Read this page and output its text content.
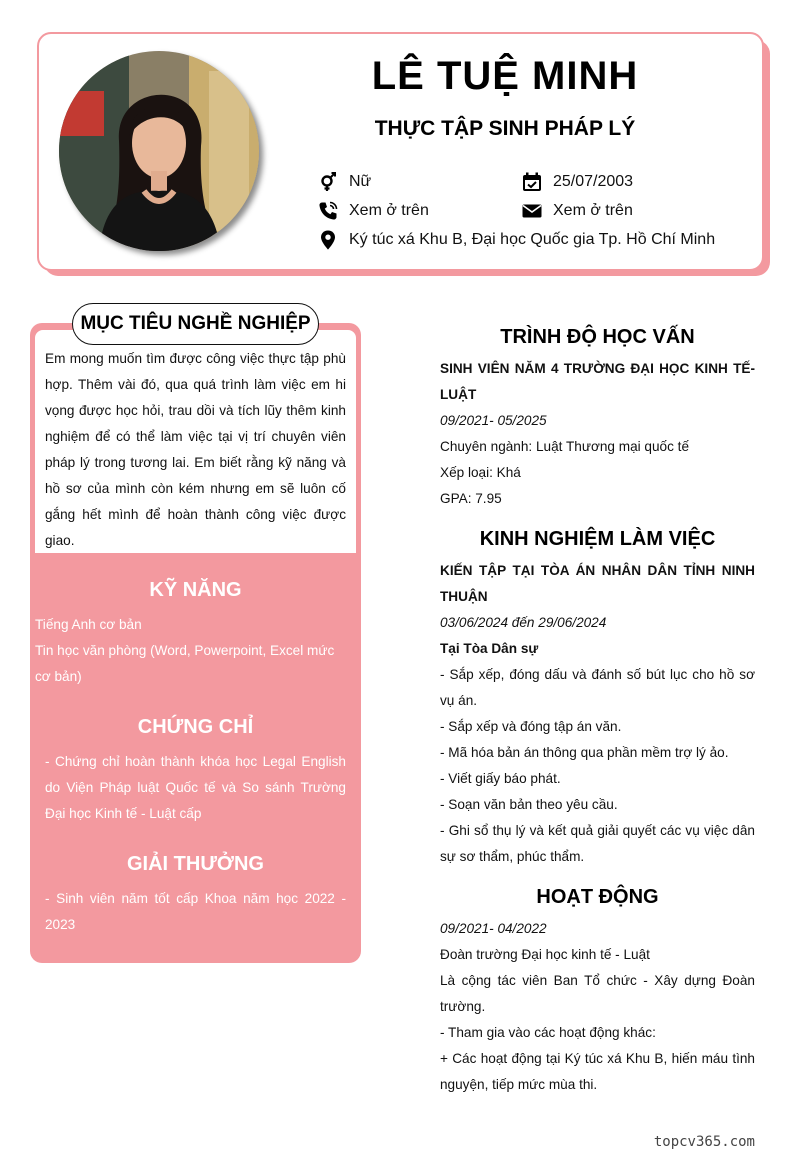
LÊ TUỆ MINH
THỰC TẬP SINH PHÁP LÝ
Nữ	25/07/2003
Xem ở trên	Xem ở trên
Ký túc xá Khu B, Đại học Quốc gia Tp. Hồ Chí Minh
MỤC TIÊU NGHỀ NGHIỆP
Em mong muốn tìm được công việc thực tập phù hợp. Thêm vài đó, qua quá trình làm việc em hi vọng được học hỏi, trau dồi và tích lũy thêm kinh nghiệm để có thể làm việc tại vị trí chuyên viên pháp lý trong tương lai. Em biết rằng kỹ năng và hồ sơ của mình còn kém nhưng em sẽ luôn cố gắng hết mình để hoàn thành công việc được giao.
KỸ NĂNG
Tiếng Anh cơ bản
Tin học văn phòng (Word, Powerpoint, Excel mức cơ bản)
CHỨNG CHỈ
- Chứng chỉ hoàn thành khóa học Legal English do Viện Pháp luật Quốc tế và So sánh Trường Đại học Kinh tế - Luật cấp
GIẢI THƯỞNG
- Sinh viên năm tốt cấp Khoa năm học 2022 - 2023
TRÌNH ĐỘ HỌC VẤN
SINH VIÊN NĂM 4 TRƯỜNG ĐẠI HỌC KINH TẾ- LUẬT
09/2021- 05/2025
Chuyên ngành: Luật Thương mại quốc tế
Xếp loại: Khá
GPA: 7.95
KINH NGHIỆM LÀM VIỆC
KIẾN TẬP TẠI TÒA ÁN NHÂN DÂN TỈNH NINH THUẬN
03/06/2024 đến 29/06/2024
Tại Tòa Dân sự
- Sắp xếp, đóng dấu và đánh số bút lục cho hồ sơ vụ án.
- Sắp xếp và đóng tập án văn.
- Mã hóa bản án thông qua phần mềm trợ lý ảo.
- Viết giấy báo phát.
- Soạn văn bản theo yêu cầu.
- Ghi sổ thụ lý và kết quả giải quyết các vụ việc dân sự sơ thẩm, phúc thẩm.
HOẠT ĐỘNG
09/2021- 04/2022
Đoàn trường Đại học kinh tế - Luật
Là cộng tác viên Ban Tổ chức - Xây dựng Đoàn trường.
- Tham gia vào các hoạt động khác:
+ Các hoạt động tại Ký túc xá Khu B, hiến máu tình nguyện, tiếp mức mùa thi.
topcv365.com
